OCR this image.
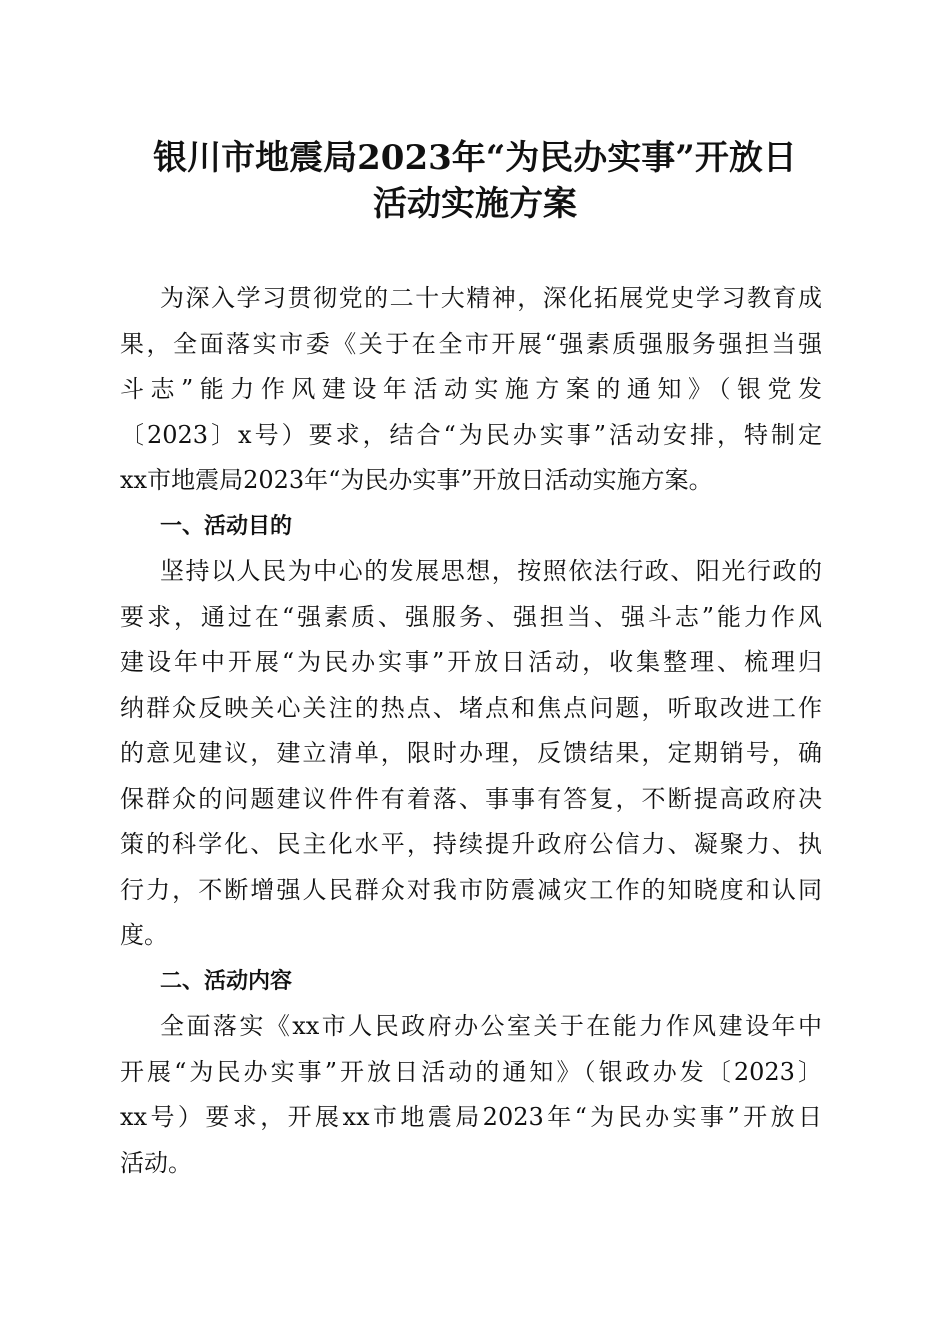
银川市地震局2023年“为民办实事”开放日
活动实施方案
为深入学习贯彻党的二十大精神，深化拓展党史学习教育成
果，全面落实市委《关于在全市开展“强素质强服务强担当强
斗志”能力作风建设年活动实施方案的通知》（银党发
〔2023〕x号）要求，结合“为民办实事”活动安排，特制定
xx市地震局2023年“为民办实事”开放日活动实施方案。
一、活动目的
坚持以人民为中心的发展思想，按照依法行政、阳光行政的
要求，通过在“强素质、强服务、强担当、强斗志”能力作风
建设年中开展“为民办实事”开放日活动，收集整理、梳理归
纳群众反映关心关注的热点、堵点和焦点问题，听取改进工作
的意见建议，建立清单，限时办理，反馈结果，定期销号，确
保群众的问题建议件件有着落、事事有答复，不断提高政府决
策的科学化、民主化水平，持续提升政府公信力、凝聚力、执
行力，不断增强人民群众对我市防震减灾工作的知晓度和认同
度。
二、活动内容
全面落实《xx市人民政府办公室关于在能力作风建设年中
开展“为民办实事”开放日活动的通知》（银政办发〔2023〕
xx号）要求，开展xx市地震局2023年“为民办实事”开放日
活动。
